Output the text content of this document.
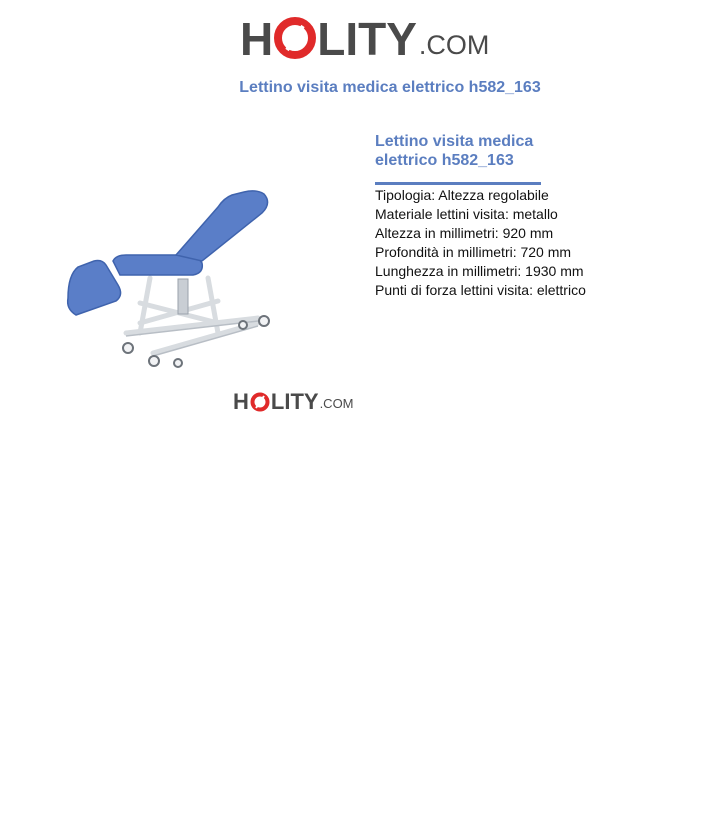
H LITY .COM
Lettino visita medica elettrico h582_163
H LITY .COM
Lettino visita medica elettrico h582_163
Tipologia: Altezza regolabile
Materiale lettini visita: metallo
Altezza in millimetri: 920 mm
Profondità in millimetri: 720 mm
Lunghezza in millimetri: 1930 mm
Punti di forza lettini visita: elettrico
